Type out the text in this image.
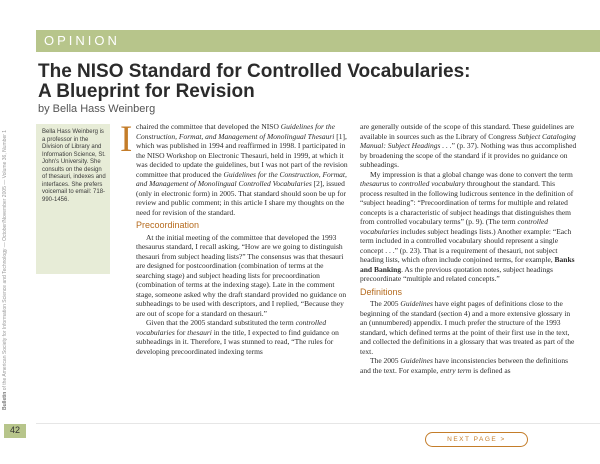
Bulletin of the American Society for Information Science and Technology — October/November 2005 — Volume 36, Number 1
42
OPINION
The NISO Standard for Controlled Vocabularies:
A Blueprint for Revision
by Bella Hass Weinberg
Bella Hass Weinberg is a professor in the Division of Library and Information Science, St. John's University. She consults on the design of thesauri, indexes and interfaces. She prefers voicemail to email: 718-990-1456.
I chaired the committee that developed the NISO Guidelines for the Construction, Format, and Management of Monolingual Thesauri [1], which was published in 1994 and reaffirmed in 1998. I participated in the NISO Workshop on Electronic Thesauri, held in 1999, at which it was decided to update the guidelines, but I was not part of the revision committee that produced the Guidelines for the Construction, Format, and Management of Monolingual Controlled Vocabularies [2], issued (only in electronic form) in 2005. That standard should soon be up for review and public comment; in this article I share my thoughts on the need for revision of the standard.

Precoordination

At the initial meeting of the committee that developed the 1993 thesaurus standard, I recall asking, “How are we going to distinguish thesauri from subject heading lists?” The consensus was that thesauri are designed for postcoordination (combination of terms at the searching stage) and subject heading lists for precoordination (combination of terms at the indexing stage). Late in the comment stage, someone asked why the draft standard provided no guidance on subheadings to be used with descriptors, and I replied, “Because they are out of scope for a standard on thesauri.”

Given that the 2005 standard substituted the term controlled vocabularies for thesauri in the title, I expected to find guidance on subheadings in it. Therefore, I was stunned to read, “The rules for developing precoordinated indexing terms

are generally outside of the scope of this standard. These guidelines are available in sources such as the Library of Congress Subject Cataloging Manual: Subject Headings . . .” (p. 37). Nothing was thus accomplished by broadening the scope of the standard if it provides no guidance on subheadings.

My impression is that a global change was done to convert the term thesaurus to controlled vocabulary throughout the standard. This process resulted in the following ludicrous sentence in the definition of “subject heading”: “Precoordination of terms for multiple and related concepts is a characteristic of subject headings that distinguishes them from controlled vocabulary terms” (p. 9). (The term controlled vocabularies includes subject headings lists.) Another example: “Each term included in a controlled vocabulary should represent a single concept . . .” (p. 23). That is a requirement of thesauri, not subject heading lists, which often include conjoined terms, for example, Banks and Banking. As the previous quotation notes, subject headings precoordinate “multiple and related concepts.”

Definitions

The 2005 Guidelines have eight pages of definitions close to the beginning of the standard (section 4) and a more extensive glossary in an (unnumbered) appendix. I much prefer the structure of the 1993 standard, which defined terms at the point of their first use in the text, and collected the definitions in a glossary that was treated as part of the text.

The 2005 Guidelines have inconsistencies between the definitions and the text. For example, entry term is defined as

NEXT PAGE >
